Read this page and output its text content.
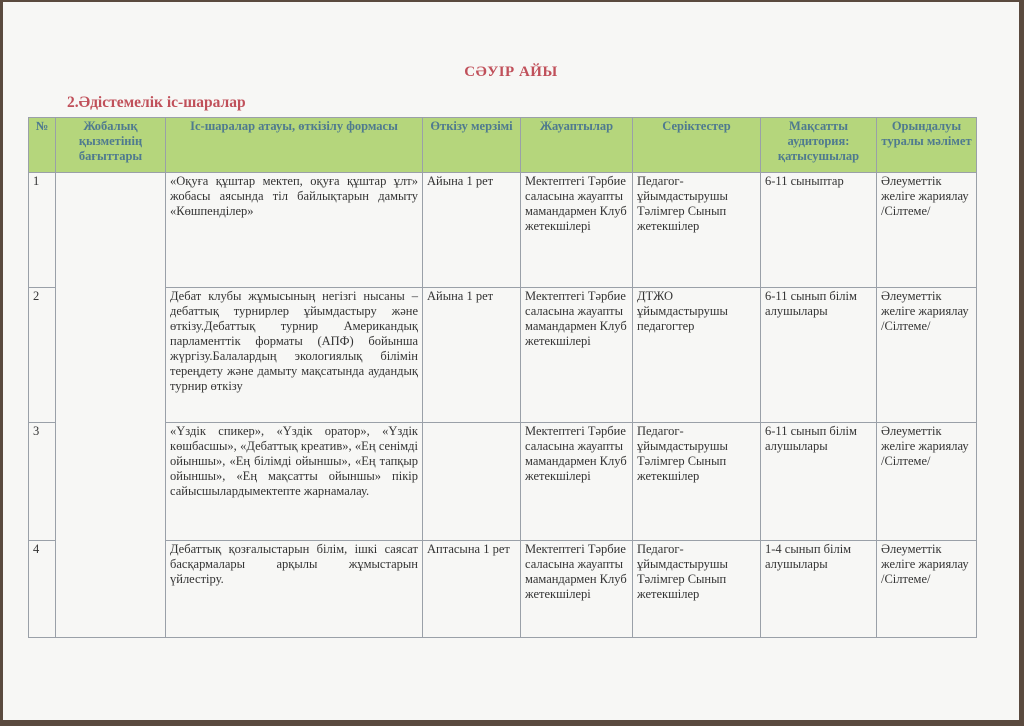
СӘУІР АЙЫ
2.Әдістемелік іс-шаралар
№	Жобалық қызметінің бағыттары	Іс-шаралар атауы, өткізілу формасы	Өткізу мерзімі	Жауаптылар	Серіктестер	Мақсатты аудитория: қатысушылар	Орындалуы туралы мәлімет
1		«Оқуға құштар мектеп, оқуға құштар ұлт» жобасы аясында тіл байлықтарын дамыту «Көшпенділер»	Айына 1 рет	Мектептегі Тәрбие саласына жауапты мамандармен Клуб жетекшілері	Педагог-ұйымдастырушы Тәлімгер Сынып жетекшілер	6-11 сыныптар	Әлеуметтік желіге жариялау /Сілтеме/
2		Дебат клубы жұмысының негізгі нысаны – дебаттық турнирлер ұйымдастыру және өткізу.Дебаттық турнир Американдық парламенттік форматы (АПФ) бойынша жүргізу.Балалардың экологиялық білімін тереңдету және дамыту мақсатында аудандық турнир өткізу	Айына 1 рет	Мектептегі Тәрбие саласына жауапты мамандармен Клуб жетекшілері	ДТЖО ұйымдастырушы педагогтер	6-11 сынып білім алушылары	Әлеуметтік желіге жариялау /Сілтеме/
3		«Үздік спикер», «Үздік оратор», «Үздік көшбасшы», «Дебаттық креатив», «Ең сенімді ойыншы», «Ең білімді ойыншы», «Ең тапқыр ойыншы», «Ең мақсатты ойыншы» пікір сайысшылардымектепте жарнамалау.		Мектептегі Тәрбие саласына жауапты мамандармен Клуб жетекшілері	Педагог-ұйымдастырушы Тәлімгер Сынып жетекшілер	6-11 сынып білім алушылары	Әлеуметтік желіге жариялау /Сілтеме/
4		Дебаттық қозғалыстарын білім, ішкі саясат басқармалары арқылы жұмыстарын үйлестіру.	Аптасына 1 рет	Мектептегі Тәрбие саласына жауапты мамандармен Клуб жетекшілері	Педагог-ұйымдастырушы Тәлімгер Сынып жетекшілер	1-4 сынып білім алушылары	Әлеуметтік желіге жариялау /Сілтеме/
